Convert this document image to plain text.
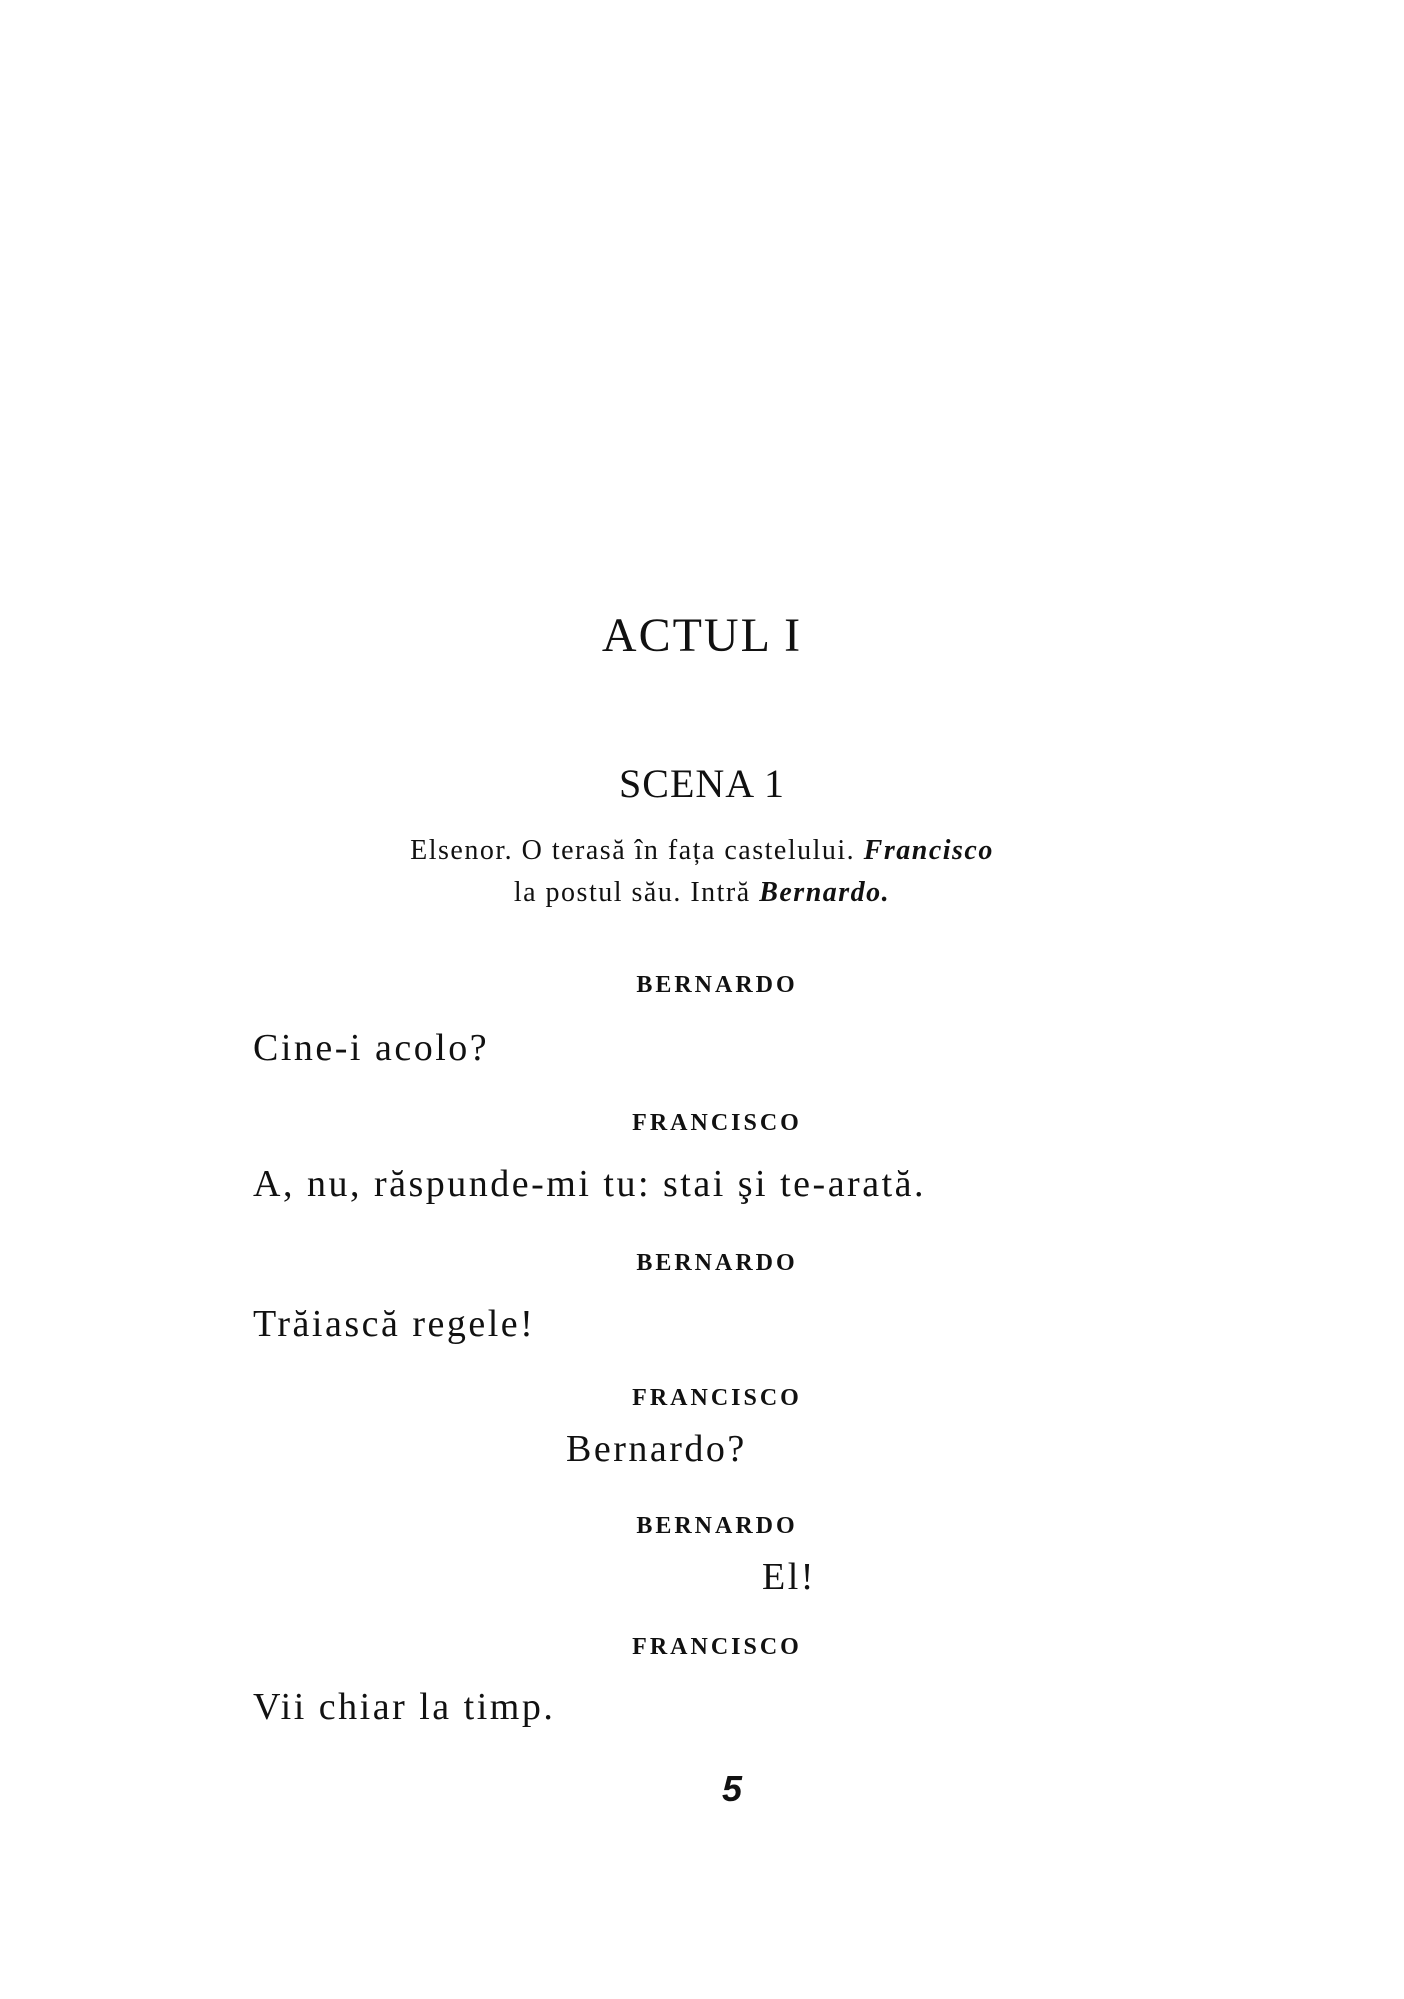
ACTUL I
SCENA 1
Elsenor. O terasă în fața castelului. Francisco
la postul său. Intră Bernardo.
BERNARDO
Cine-i acolo?
FRANCISCO
A, nu, răspunde-mi tu: stai şi te-arată.
BERNARDO
Trăiască regele!
FRANCISCO
Bernardo?
BERNARDO
El!
FRANCISCO
Vii chiar la timp.
5
